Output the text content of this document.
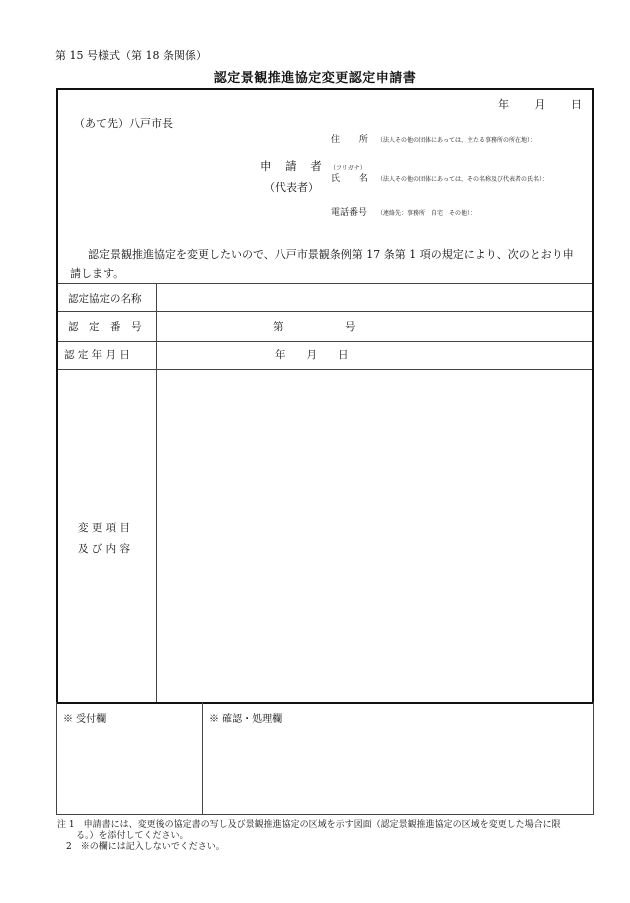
第 15 号様式（第 18 条関係）
認定景観推進協定変更認定申請書
年 月 日
（あて先）八戸市長
住 所 （法人その他の団体にあっては、主たる事務所の所在地）：
申 請 者
（代表者）
（フリガナ）
氏 名 （法人その他の団体にあっては、その名称及び代表者の氏名）：
電話番号 （連絡先：事務所　自宅　その他）：
認定景観推進協定を変更したいので、八戸市景観条例第 17 条第 1 項の規定により、次のとおり申請します。
認定協定の名称
認　定　番　号	第	号
認 定 年 月 日	年　　月　　日
変 更 項 目
及 び 内 容
※ 受付欄	※ 確認・処理欄
注 1　申請書には、変更後の協定書の写し及び景観推進協定の区域を示す図面（認定景観推進協定の区域を変更した場合に限
る。）を添付してください。
2　※の欄には記入しないでください。
